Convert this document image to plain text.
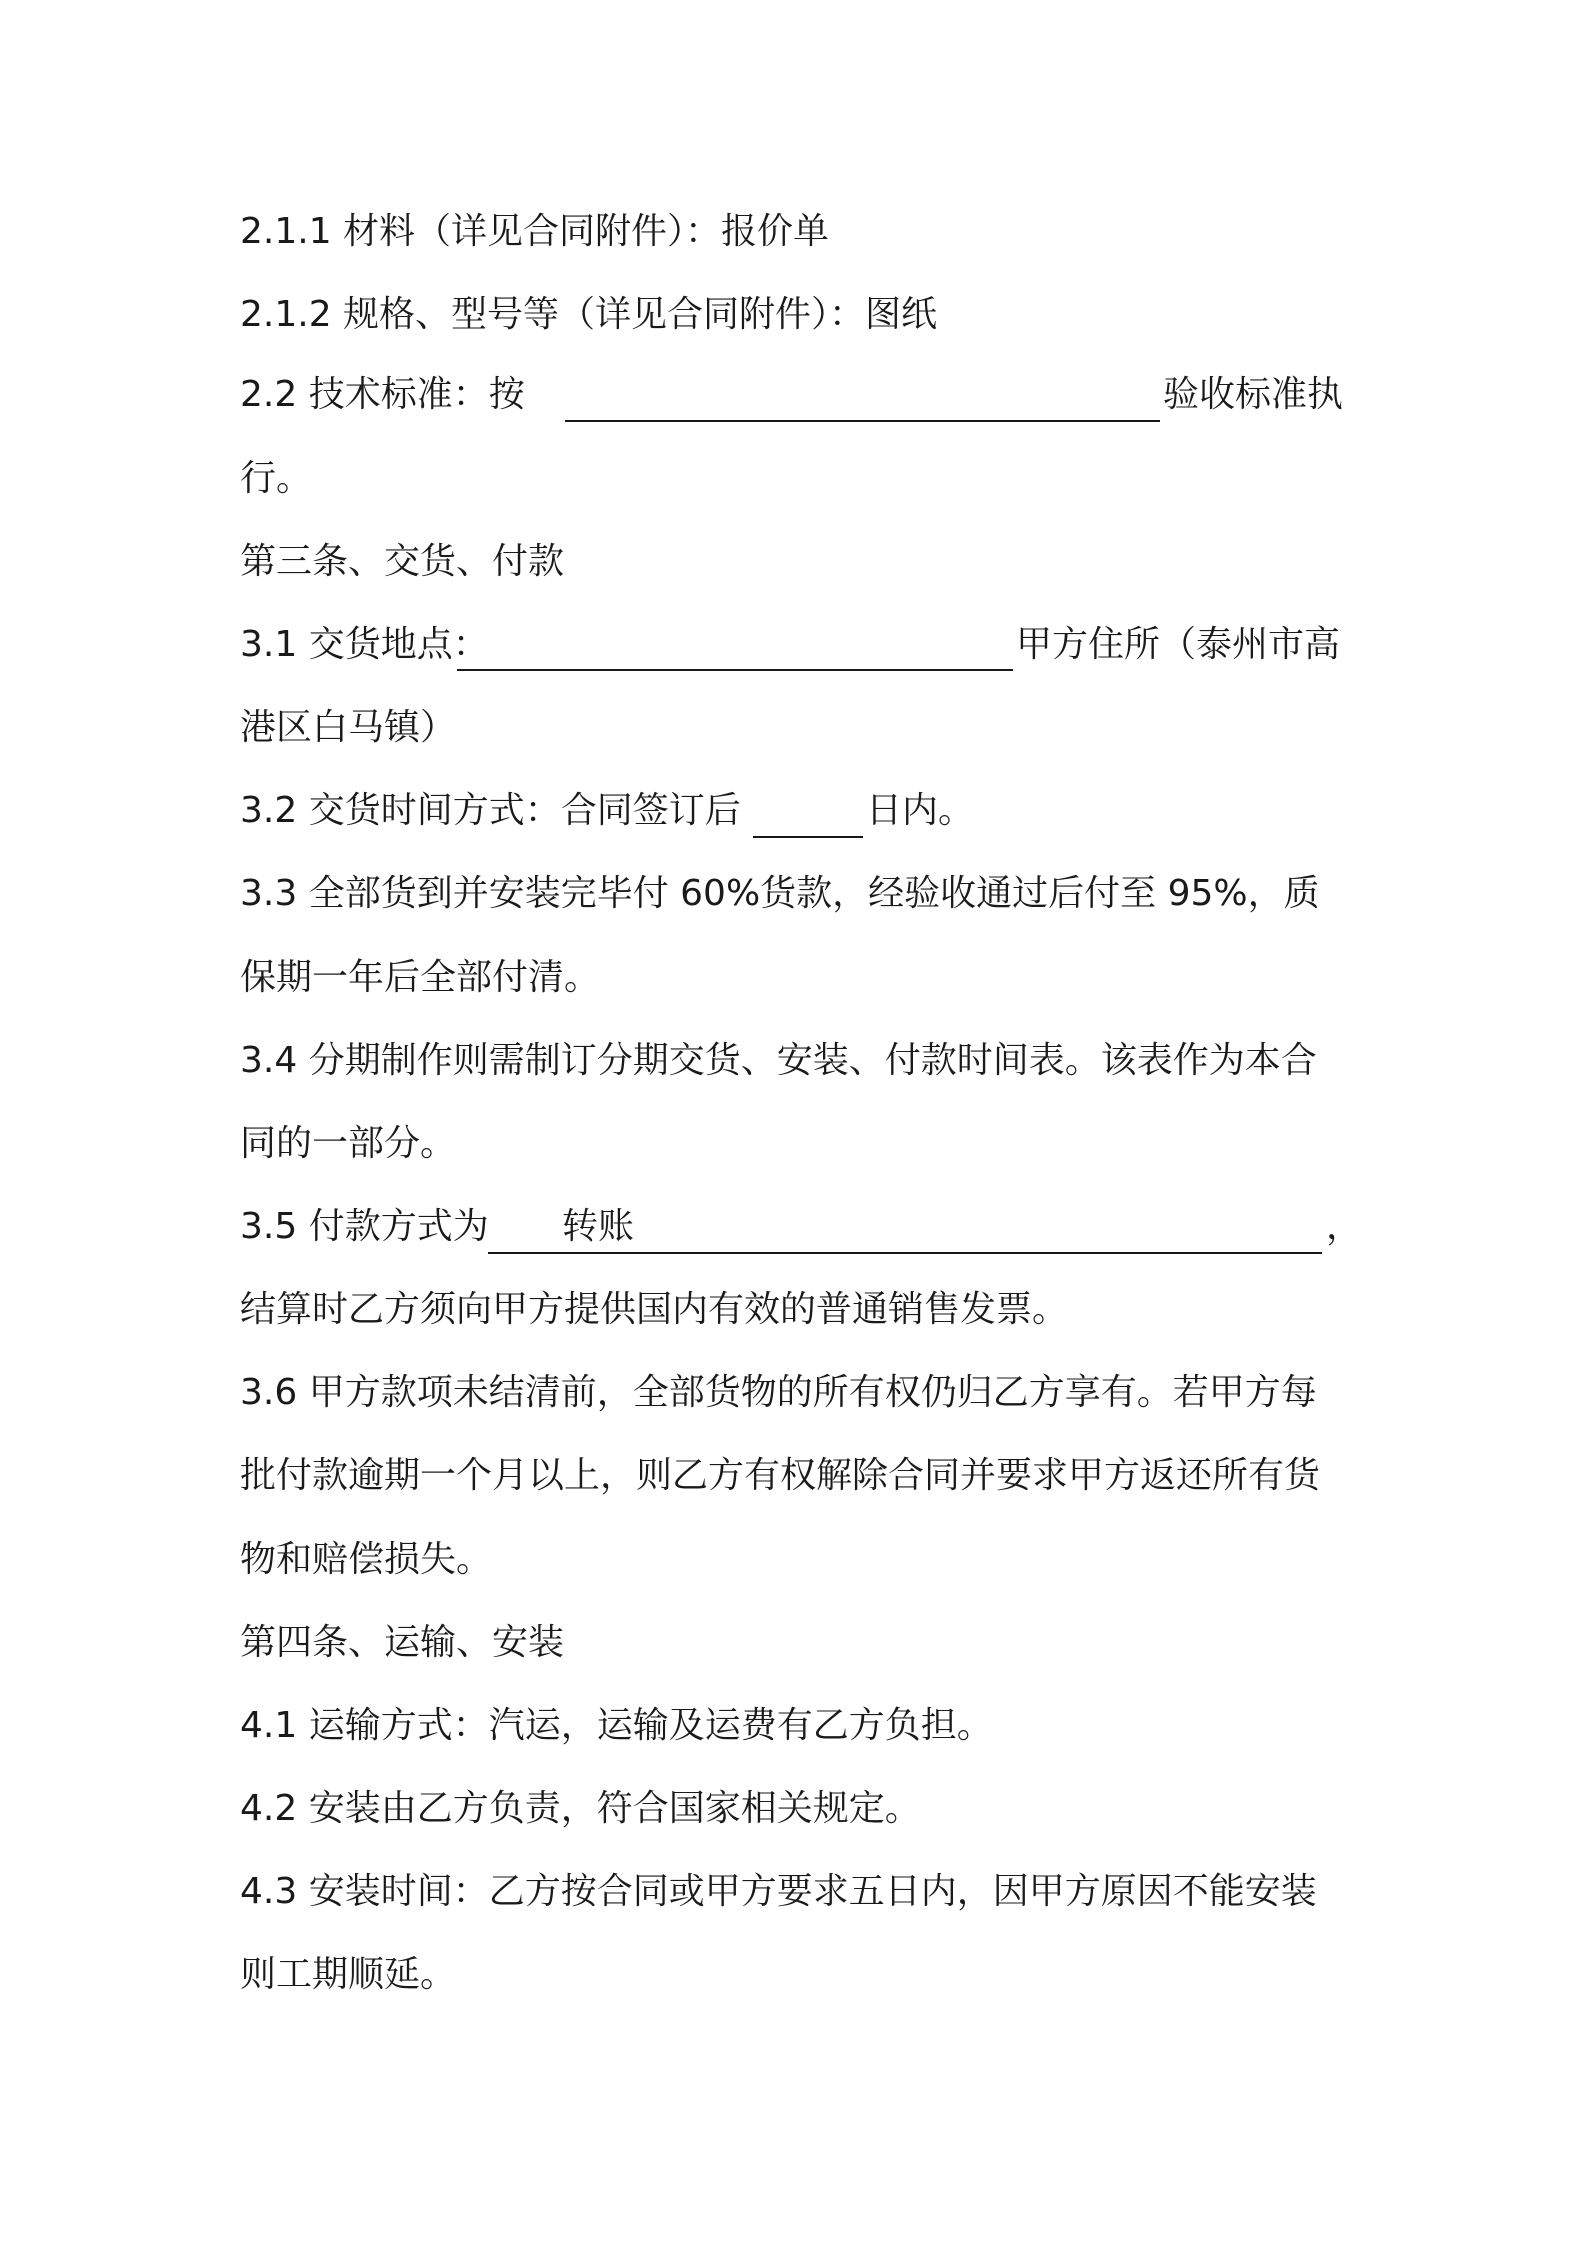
2.1.1 材料（详见合同附件）：报价单
2.1.2 规格、型号等（详见合同附件）：图纸
2.2 技术标准：按	验收标准执
行。
第三条、交货、付款
3.1 交货地点：	甲方住所（泰州市高
港区白马镇）
3.2 交货时间方式：合同签订后	日内。
3.3 全部货到并安装完毕付 60%货款，经验收通过后付至 95%，质
保期一年后全部付清。
3.4 分期制作则需制订分期交货、安装、付款时间表。该表作为本合
同的一部分。
3.5 付款方式为 转账	，
结算时乙方须向甲方提供国内有效的普通销售发票。
3.6 甲方款项未结清前，全部货物的所有权仍归乙方享有。若甲方每
批付款逾期一个月以上，则乙方有权解除合同并要求甲方返还所有货
物和赔偿损失。
第四条、运输、安装
4.1 运输方式：汽运，运输及运费有乙方负担。
4.2 安装由乙方负责，符合国家相关规定。
4.3 安装时间：乙方按合同或甲方要求五日内，因甲方原因不能安装
则工期顺延。
